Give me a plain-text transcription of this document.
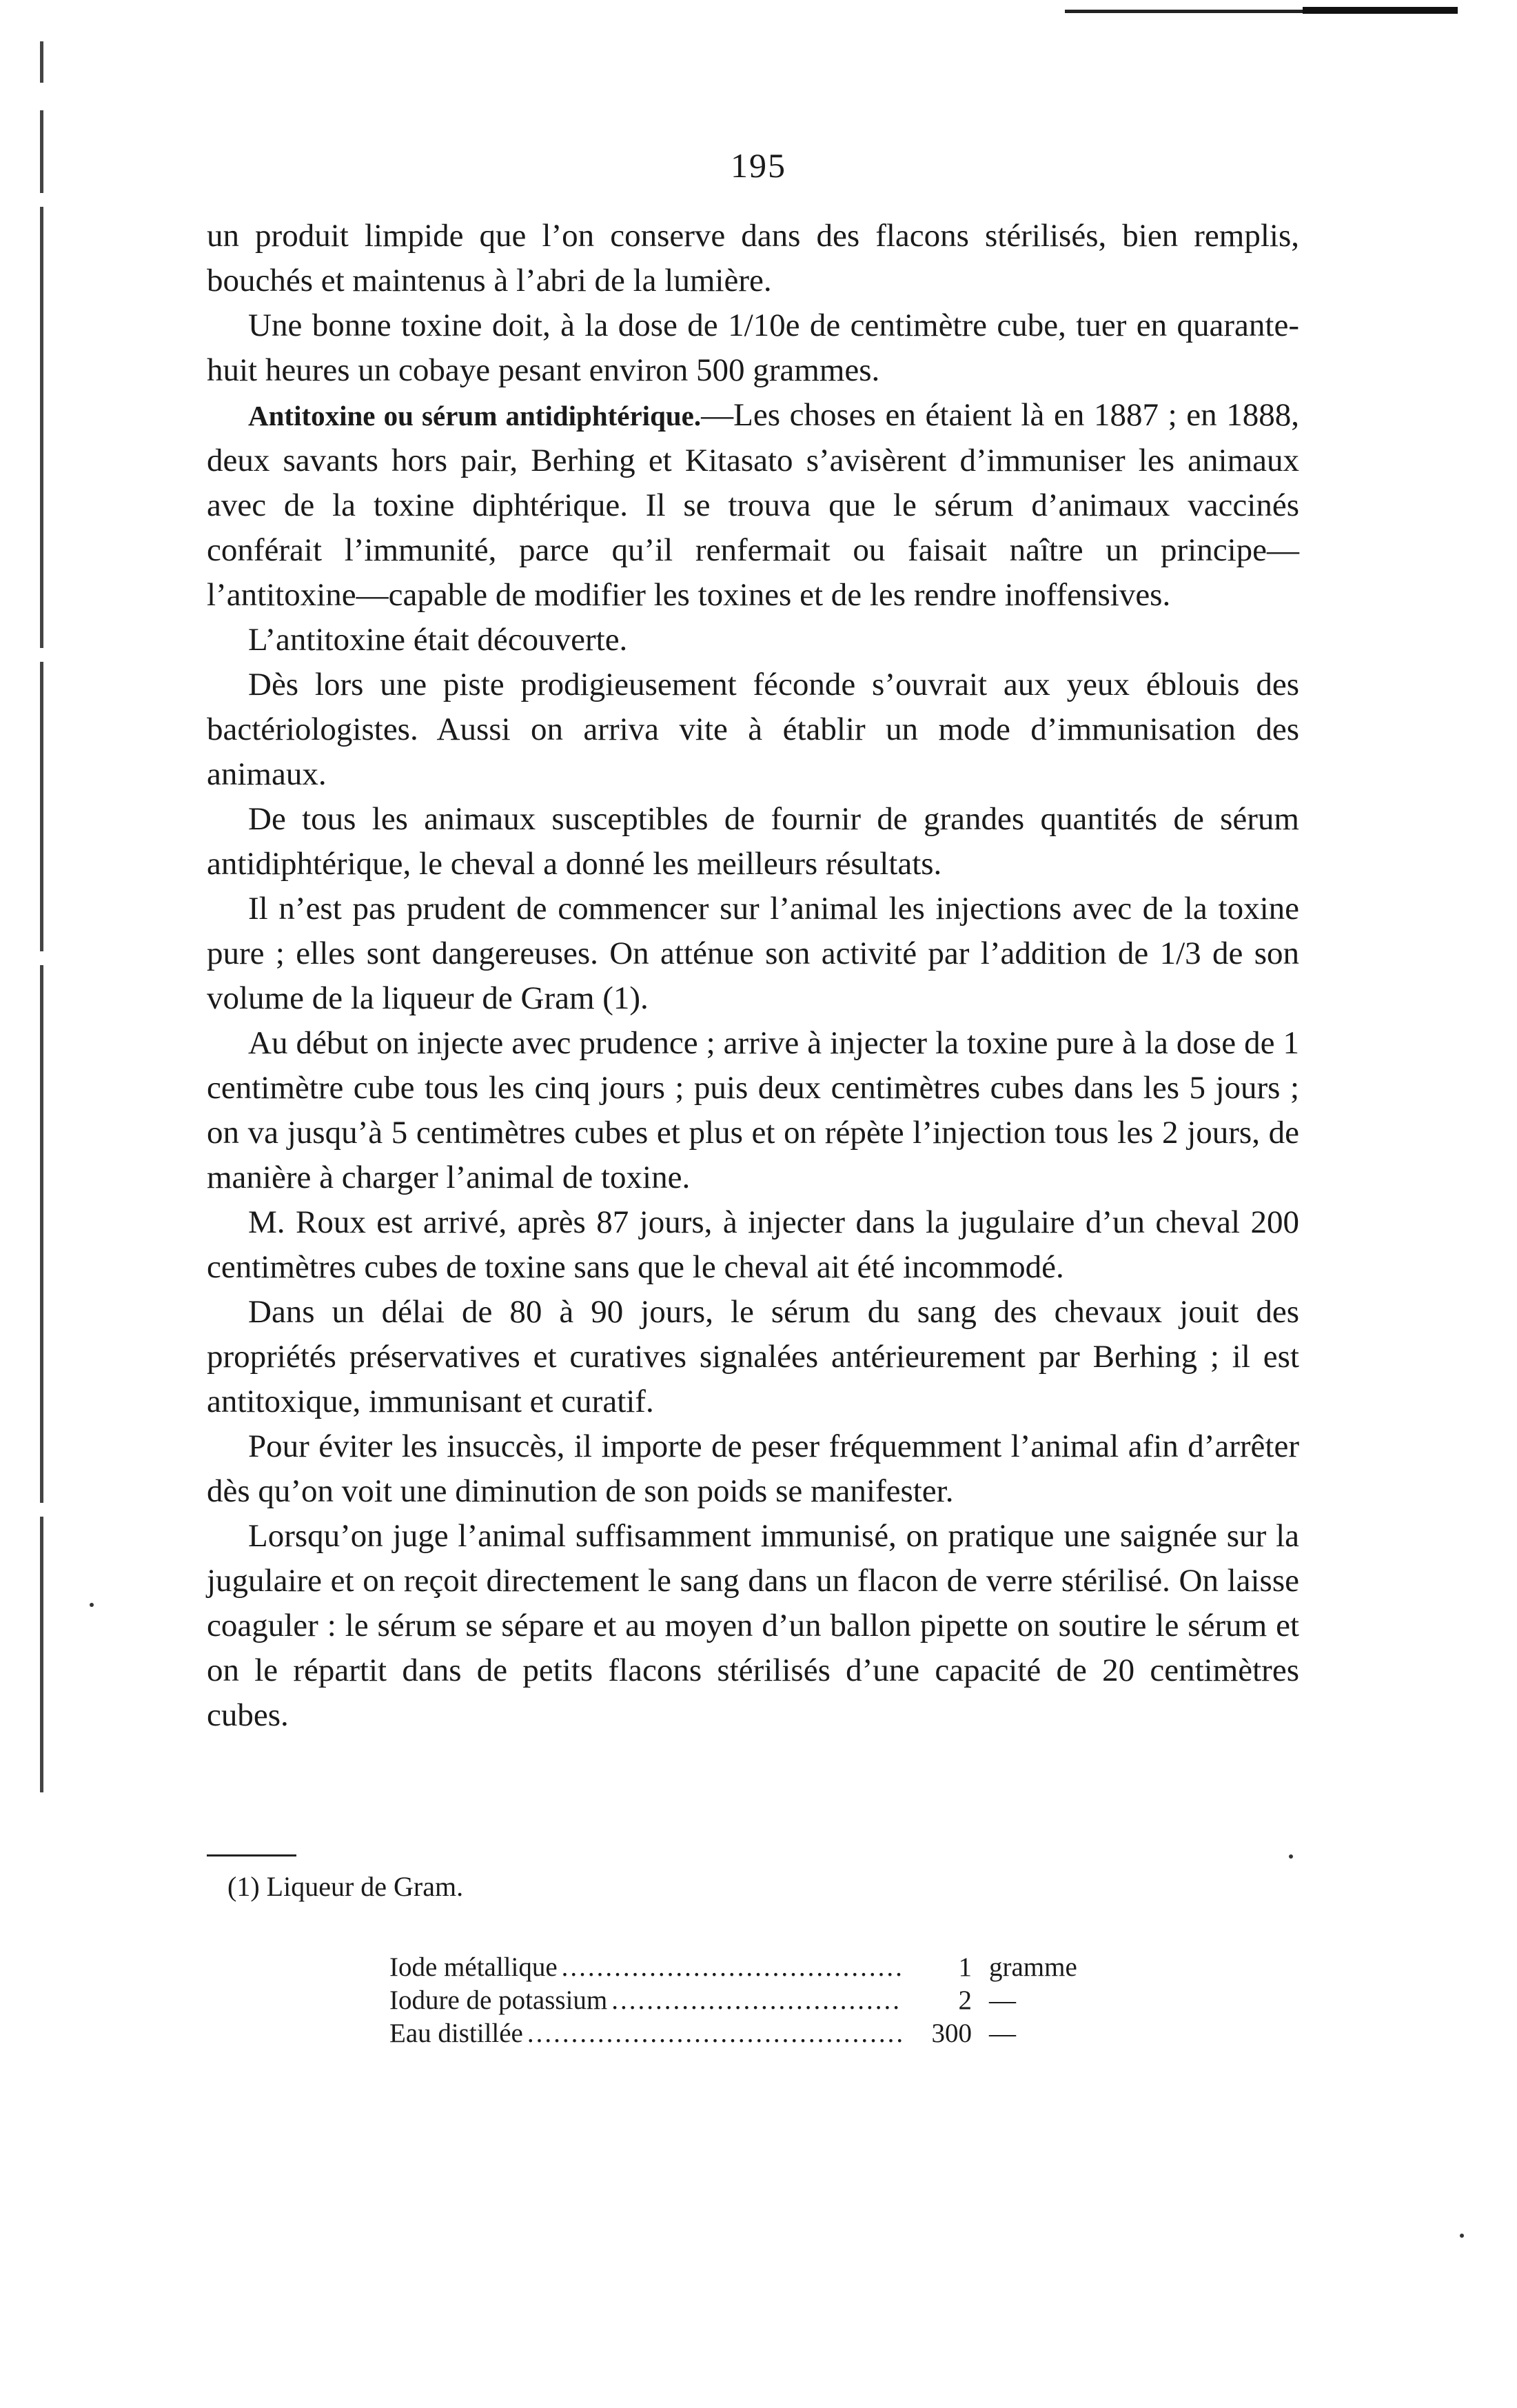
195

un produit limpide que l’on conserve dans des flacons stérilisés, bien remplis, bouchés et maintenus à l’abri de la lumière.

Une bonne toxine doit, à la dose de 1/10e de centimètre cube, tuer en quarante-huit heures un cobaye pesant environ 500 grammes.

Antitoxine ou sérum antidiphtérique.—Les choses en étaient là en 1887 ; en 1888, deux savants hors pair, Berhing et Kitasato s’avisèrent d’immuniser les animaux avec de la toxine diphtérique. Il se trouva que le sérum d’animaux vaccinés conférait l’immunité, parce qu’il renfermait ou faisait naître un principe—l’antitoxine—capable de modifier les toxines et de les rendre inoffensives.

L’antitoxine était découverte.

Dès lors une piste prodigieusement féconde s’ouvrait aux yeux éblouis des bactériologistes. Aussi on arriva vite à établir un mode d’immunisation des animaux.

De tous les animaux susceptibles de fournir de grandes quantités de sérum antidiphtérique, le cheval a donné les meilleurs résultats.

Il n’est pas prudent de commencer sur l’animal les injections avec de la toxine pure ; elles sont dangereuses. On atténue son activité par l’addition de 1/3 de son volume de la liqueur de Gram (1).

Au début on injecte avec prudence ; arrive à injecter la toxine pure à la dose de 1 centimètre cube tous les cinq jours ; puis deux centimètres cubes dans les 5 jours ; on va jusqu’à 5 centimètres cubes et plus et on répète l’injection tous les 2 jours, de manière à charger l’animal de toxine.

M. Roux est arrivé, après 87 jours, à injecter dans la jugulaire d’un cheval 200 centimètres cubes de toxine sans que le cheval ait été incommodé.

Dans un délai de 80 à 90 jours, le sérum du sang des chevaux jouit des propriétés préservatives et curatives signalées antérieurement par Berhing ; il est antitoxique, immunisant et curatif.

Pour éviter les insuccès, il importe de peser fréquemment l’animal afin d’arrêter dès qu’on voit une diminution de son poids se manifester.

Lorsqu’on juge l’animal suffisamment immunisé, on pratique une saignée sur la jugulaire et on reçoit directement le sang dans un flacon de verre stérilisé. On laisse coaguler : le sérum se sépare et au moyen d’un ballon pipette on soutire le sérum et on le répartit dans de petits flacons stérilisés d’une capacité de 20 centimètres cubes.

(1) Liqueur de Gram.
Iode métallique .....	1 gramme
Iodure de potassium .....	2 —
Eau distillée .....	300 —
